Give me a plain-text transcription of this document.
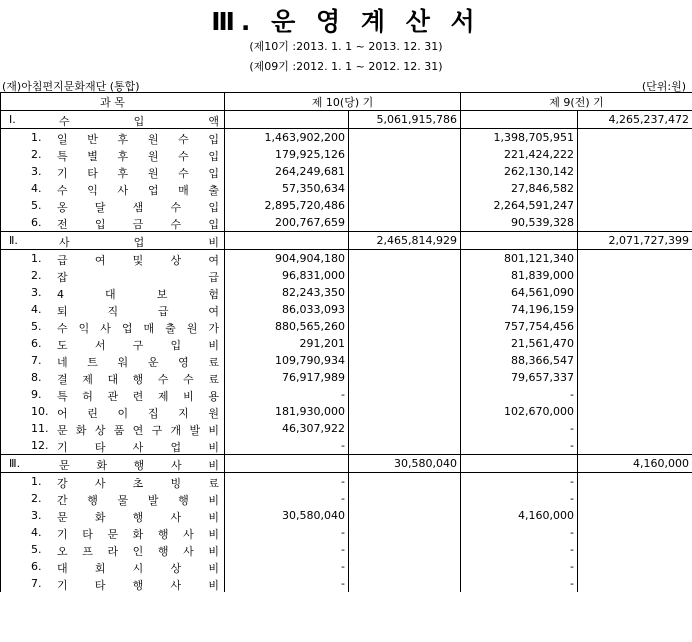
Ⅲ. 운 영 계 산 서
(제10기 :2013. 1. 1 ~ 2013. 12. 31)
(제09기 :2012. 1. 1 ~ 2012. 12. 31)
(재)아침편지문화재단 (통합)	(단위:원)
과 목	제 10(당) 기		제 9(전) 기	

Ⅰ. 수 입 액		5,061,915,786		4,265,237,472

1. 일 반 후 원 수 입	1,463,902,200		1,398,705,951	

2. 특 별 후 원 수 입	179,925,126		221,424,222	

3. 기 타 후 원 수 입	264,249,681		262,130,142	

4. 수 익 사 업 매 출	57,350,634		27,846,582	

5. 옹 달 샘 수 입	2,895,720,486		2,264,591,247	

6. 전 입 금 수 입	200,767,659		90,539,328	

Ⅱ. 사 업 비		2,465,814,929		2,071,727,399

1. 급 여 및 상 여	904,904,180		801,121,340	

2. 잡 급	96,831,000		81,839,000	

3. 4 대 보 험	82,243,350		64,561,090	

4. 퇴 직 급 여	86,033,093		74,196,159	

5. 수 익 사 업 매 출 원 가	880,565,260		757,754,456	

6. 도 서 구 입 비	291,201		21,561,470	

7. 네 트 워 운 영 료	109,790,934		88,366,547	

8. 결 제 대 행 수 수 료	76,917,989		79,657,337	

9. 특 허 관 련 제 비 용	-		-	

10. 어 린 이 집 지 원	181,930,000		102,670,000	

11. 문 화 상 품 연 구 개 발 비	46,307,922		-	

12. 기 타 사 업 비	-		-	

Ⅲ. 문 화 행 사 비		30,580,040		4,160,000

1. 강 사 초 빙 료	-		-	

2. 간 행 물 발 행 비	-		-	

3. 문 화 행 사 비	30,580,040		4,160,000	

4. 기 타 문 화 행 사 비	-		-	

5. 오 프 라 인 행 사 비	-		-	

6. 대 회 시 상 비	-		-	

7. 기 타 행 사 비	-		-	
